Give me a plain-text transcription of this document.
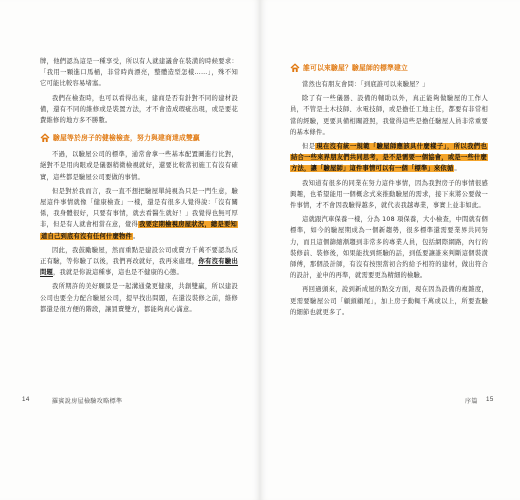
牌，他們認為這是一種享受，所以有人就建議會在裝潢的時候要求：「我用一顆進口馬桶，非常時尚漂亮，整體造型怎樣……」，殊不知它可能比較容易堵塞。

我們在檢查時，也可以看得出來，建商是否有針對不同的建材設備，還有不同的維修或是裝置方法，才不會造成瑕疵出現，或是要花費維修的地方多不勝數。

驗屋等於房子的健檢檢查，努力與建商達成雙贏

不過，以驗屋公司的標準，通常會拿一些基本配置圖進行比對，絕對不是用肉眼或是儀器稍微檢視就好，還要比較當初施工有沒有確實，這些都是驗屋公司要做的事情。

但是對於我而言，我一直不想把驗屋單純視為只是一門生意，驗屋這件事情就像「健康檢查」一樣，還是有很多人覺得說：「沒有關係，我身體很好，只要有事情，就去看醫生就好！」我覺得也無可厚非，但是有人就會相當在意，覺得我要定期檢視房屋狀況，總是要知道自己到底有沒有任何什麼物件。

因此，我鼓勵驗屋，然而重點是建設公司或賣方千萬不要認為反正有驗，等你驗了以後，我們再改就好，我再來處理，你有沒有驗出問題，我就是你說這種事，這也是不健康的心態。

我所期許的美好願景是一起溝通彙更健康，共創雙贏，所以建設公司也要全力配合驗屋公司，提早找出問題，在還沒裝修之前，維修都還是很方便的階段，讓買賣雙方，都能夠真心滿意。

14	羅賓說房屋檢驗攻略標準
誰可以來驗屋？驗屋師的標準建立

當然也有朋友會問：「到底誰可以來驗屋？」

除了有一些儀器、設備的輔助以外，真正能夠做驗屋的工作人員，不管是土木技師、水電技師，或是擔任工地主任，都要有非常相當的經驗，更要具備相關證照，我覺得這些是擔任驗屋人員非常重要的基本條件。

但是現在沒有統一規範「驗屋師應該具什麼樣子」，所以我們也結合一些來界朋友們共同思考，是不是需要一個協會，或是一些什麼方法，讓「驗屋師」這件事情可以有一個「標準」來依循。

我知道有很多的同業在努力這件事情，因為我對房子的事情很感興趣，也希望能用一個概念式來推動驗屋的需求，接下來將公要做一件事情，才不會因我驗得越多，就代表我越專業，事實上並非如此。

這就跟汽車保養一樣，分為 108 項保養，大小檢查，中間就有個標準，如今的驗屋期成為一個新趨勢，很多標準還需要業界共同努力，而且這個篩縮漸趨到非常多的專業人員，包括網際網路，內行的裝修前、裝修後，如果能找到經驗的話，到低要讓誰來判斷這個裝潢師傅，那個設計師，有沒有按照當初合約給予相符的建材，做出符合的設計，並申的再準，就需要更為精細的檢驗。

再回過頭來，說到新成屋的點交方面，現在因為設備的複雜度，更需要驗屋公司「顧頭顧尾」，加上房子動輒千萬或以上，所要查驗的細節也就更多了。

序篇 15
